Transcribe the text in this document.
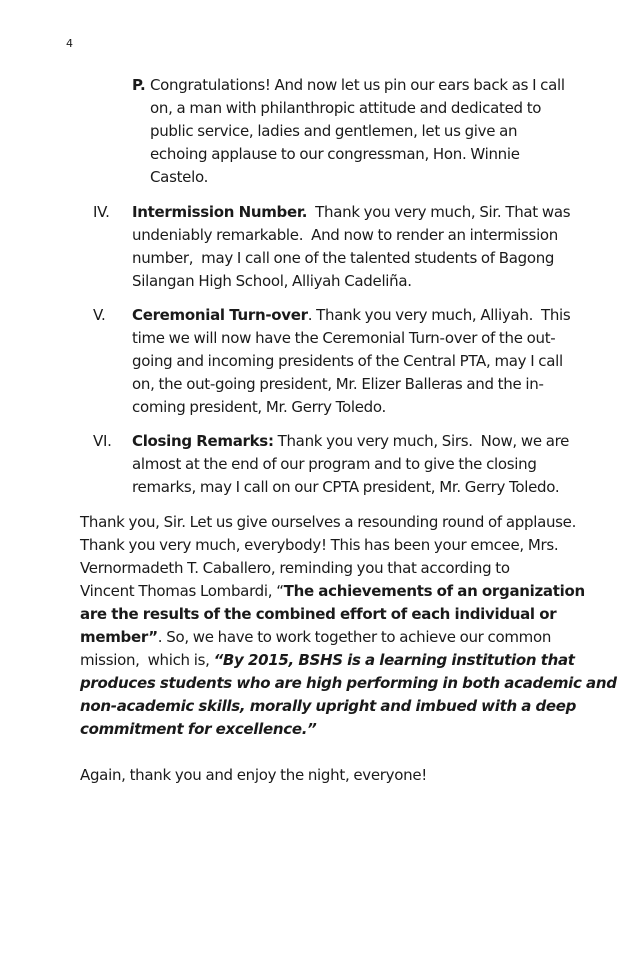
4
P. Congratulations! And now let us pin our ears back as I call
on, a man with philanthropic attitude and dedicated to
public service, ladies and gentlemen, let us give an
echoing applause to our congressman, Hon. Winnie
Castelo.
IV. Intermission Number.  Thank you very much, Sir. That was
undeniably remarkable.  And now to render an intermission
number,  may I call one of the talented students of Bagong
Silangan High School, Alliyah Cadeliña.
V. Ceremonial Turn-over. Thank you very much, Alliyah.  This
time we will now have the Ceremonial Turn-over of the out-
going and incoming presidents of the Central PTA, may I call
on, the out-going president, Mr. Elizer Balleras and the in-
coming president, Mr. Gerry Toledo.
VI. Closing Remarks: Thank you very much, Sirs.  Now, we are
almost at the end of our program and to give the closing
remarks, may I call on our CPTA president, Mr. Gerry Toledo.
Thank you, Sir. Let us give ourselves a resounding round of applause.
Thank you very much, everybody! This has been your emcee, Mrs.
Vernormadeth T. Caballero, reminding you that according to
Vincent Thomas Lombardi, “The achievements of an organization
are the results of the combined effort of each individual or
member”. So, we have to work together to achieve our common
mission,  which is, “By 2015, BSHS is a learning institution that
produces students who are high performing in both academic and
non-academic skills, morally upright and imbued with a deep
commitment for excellence.”
Again, thank you and enjoy the night, everyone!
